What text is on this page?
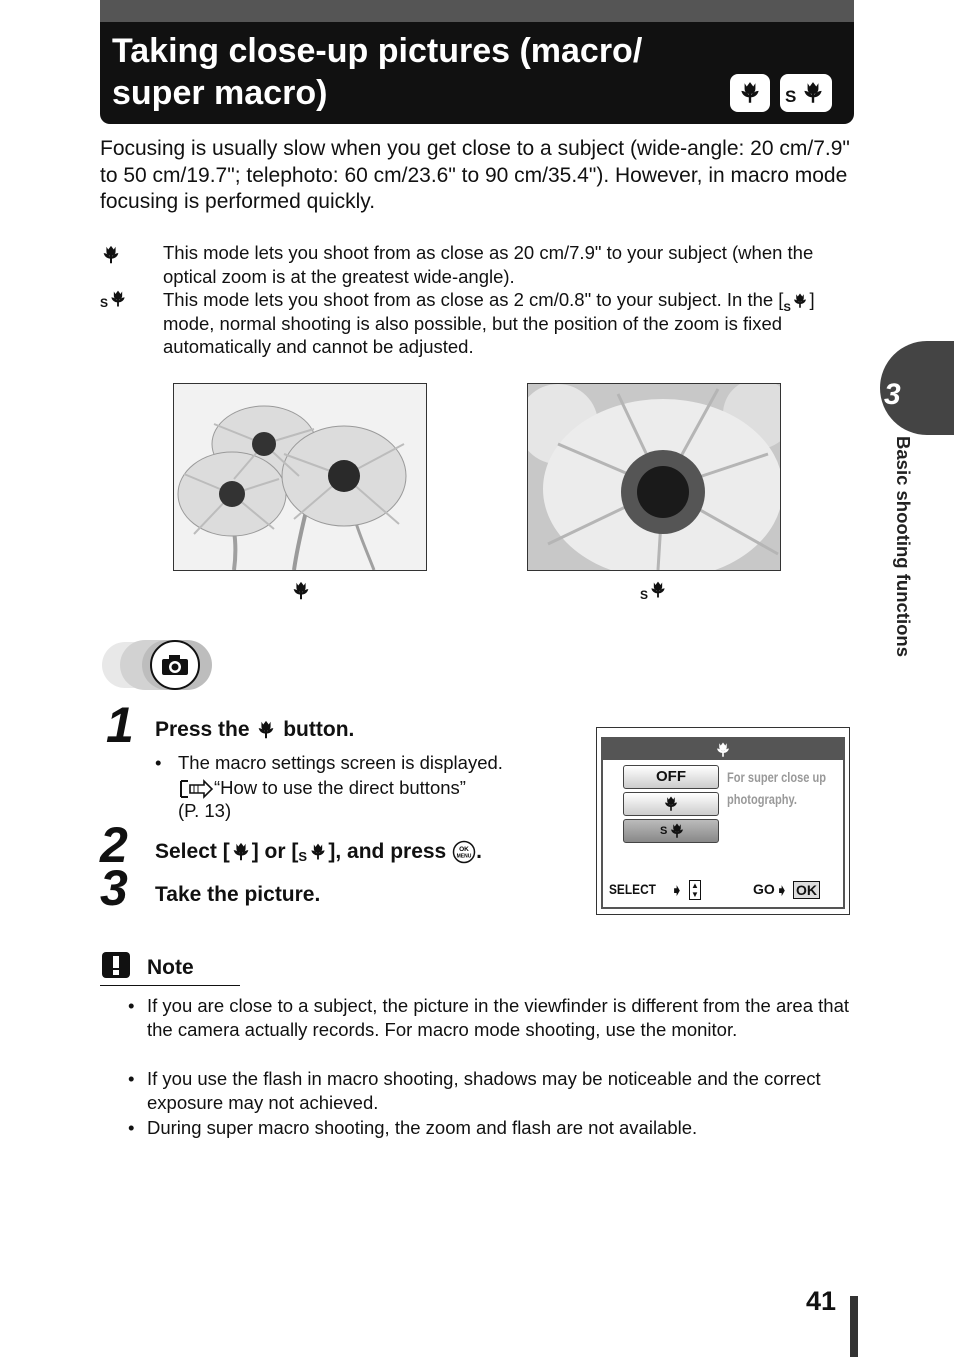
Taking close-up pictures (macro/ super macro)	S
Focusing is usually slow when you get close to a subject (wide-angle: 20 cm/7.9" to 50 cm/19.7"; telephoto: 60 cm/23.6" to 90 cm/35.4"). However, in macro mode focusing is performed quickly.
This mode lets you shoot from as close as 20 cm/7.9" to your subject (when the optical zoom is at the greatest wide-angle).
S	This mode lets you shoot from as close as 2 cm/0.8" to your subject. In the [ S ] mode, normal shooting is also possible, but the position of the zoom is fixed automatically and cannot be adjusted.
S
3
Basic shooting functions
1 Press the  button.
• The macro settings screen is displayed.
“How to use the direct buttons”
(P. 13)
2 Select [ ] or [ S ], and press OK
MENU .
3 Take the picture.
OFF
S
For super close up
photography.
SELECT ➧ ▲
▼	GO ➧ OK
Note
• If you are close to a subject, the picture in the viewfinder is different from the area that the camera actually records. For macro mode shooting, use the monitor.
• If you use the flash in macro shooting, shadows may be noticeable and the correct exposure may not achieved.
• During super macro shooting, the zoom and flash are not available.
41
